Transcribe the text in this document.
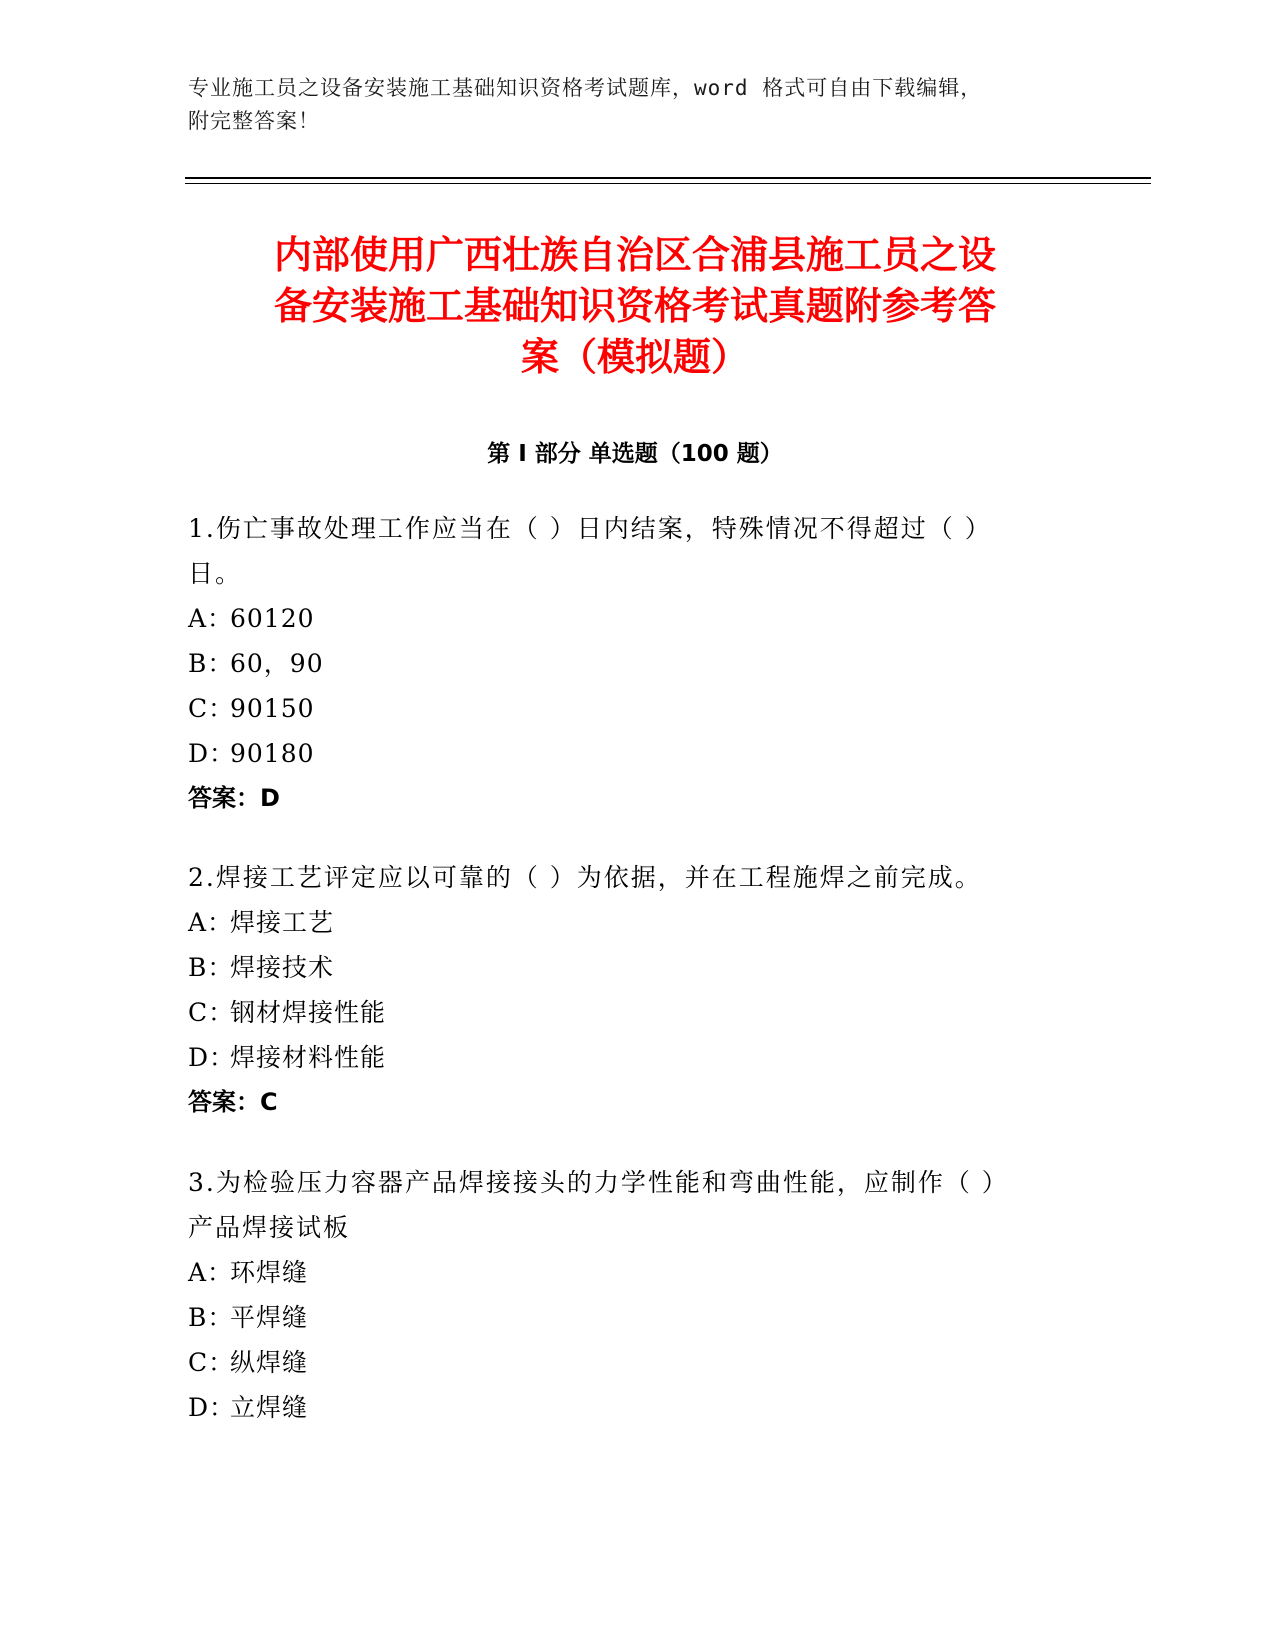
专业施工员之设备安装施工基础知识资格考试题库，word 格式可自由下载编辑，
附完整答案！
内部使用广西壮族自治区合浦县施工员之设
备安装施工基础知识资格考试真题附参考答
案（模拟题）
第 I 部分 单选题（100 题）

1.伤亡事故处理工作应当在（ ）日内结案，特殊情况不得超过（ ）
日。

A：60120

B：60，90

C：90150

D：90180

答案：D

2.焊接工艺评定应以可靠的（ ）为依据，并在工程施焊之前完成。

A：焊接工艺

B：焊接技术

C：钢材焊接性能

D：焊接材料性能

答案：C

3.为检验压力容器产品焊接接头的力学性能和弯曲性能，应制作（ ）
产品焊接试板

A：环焊缝

B：平焊缝

C：纵焊缝

D：立焊缝
